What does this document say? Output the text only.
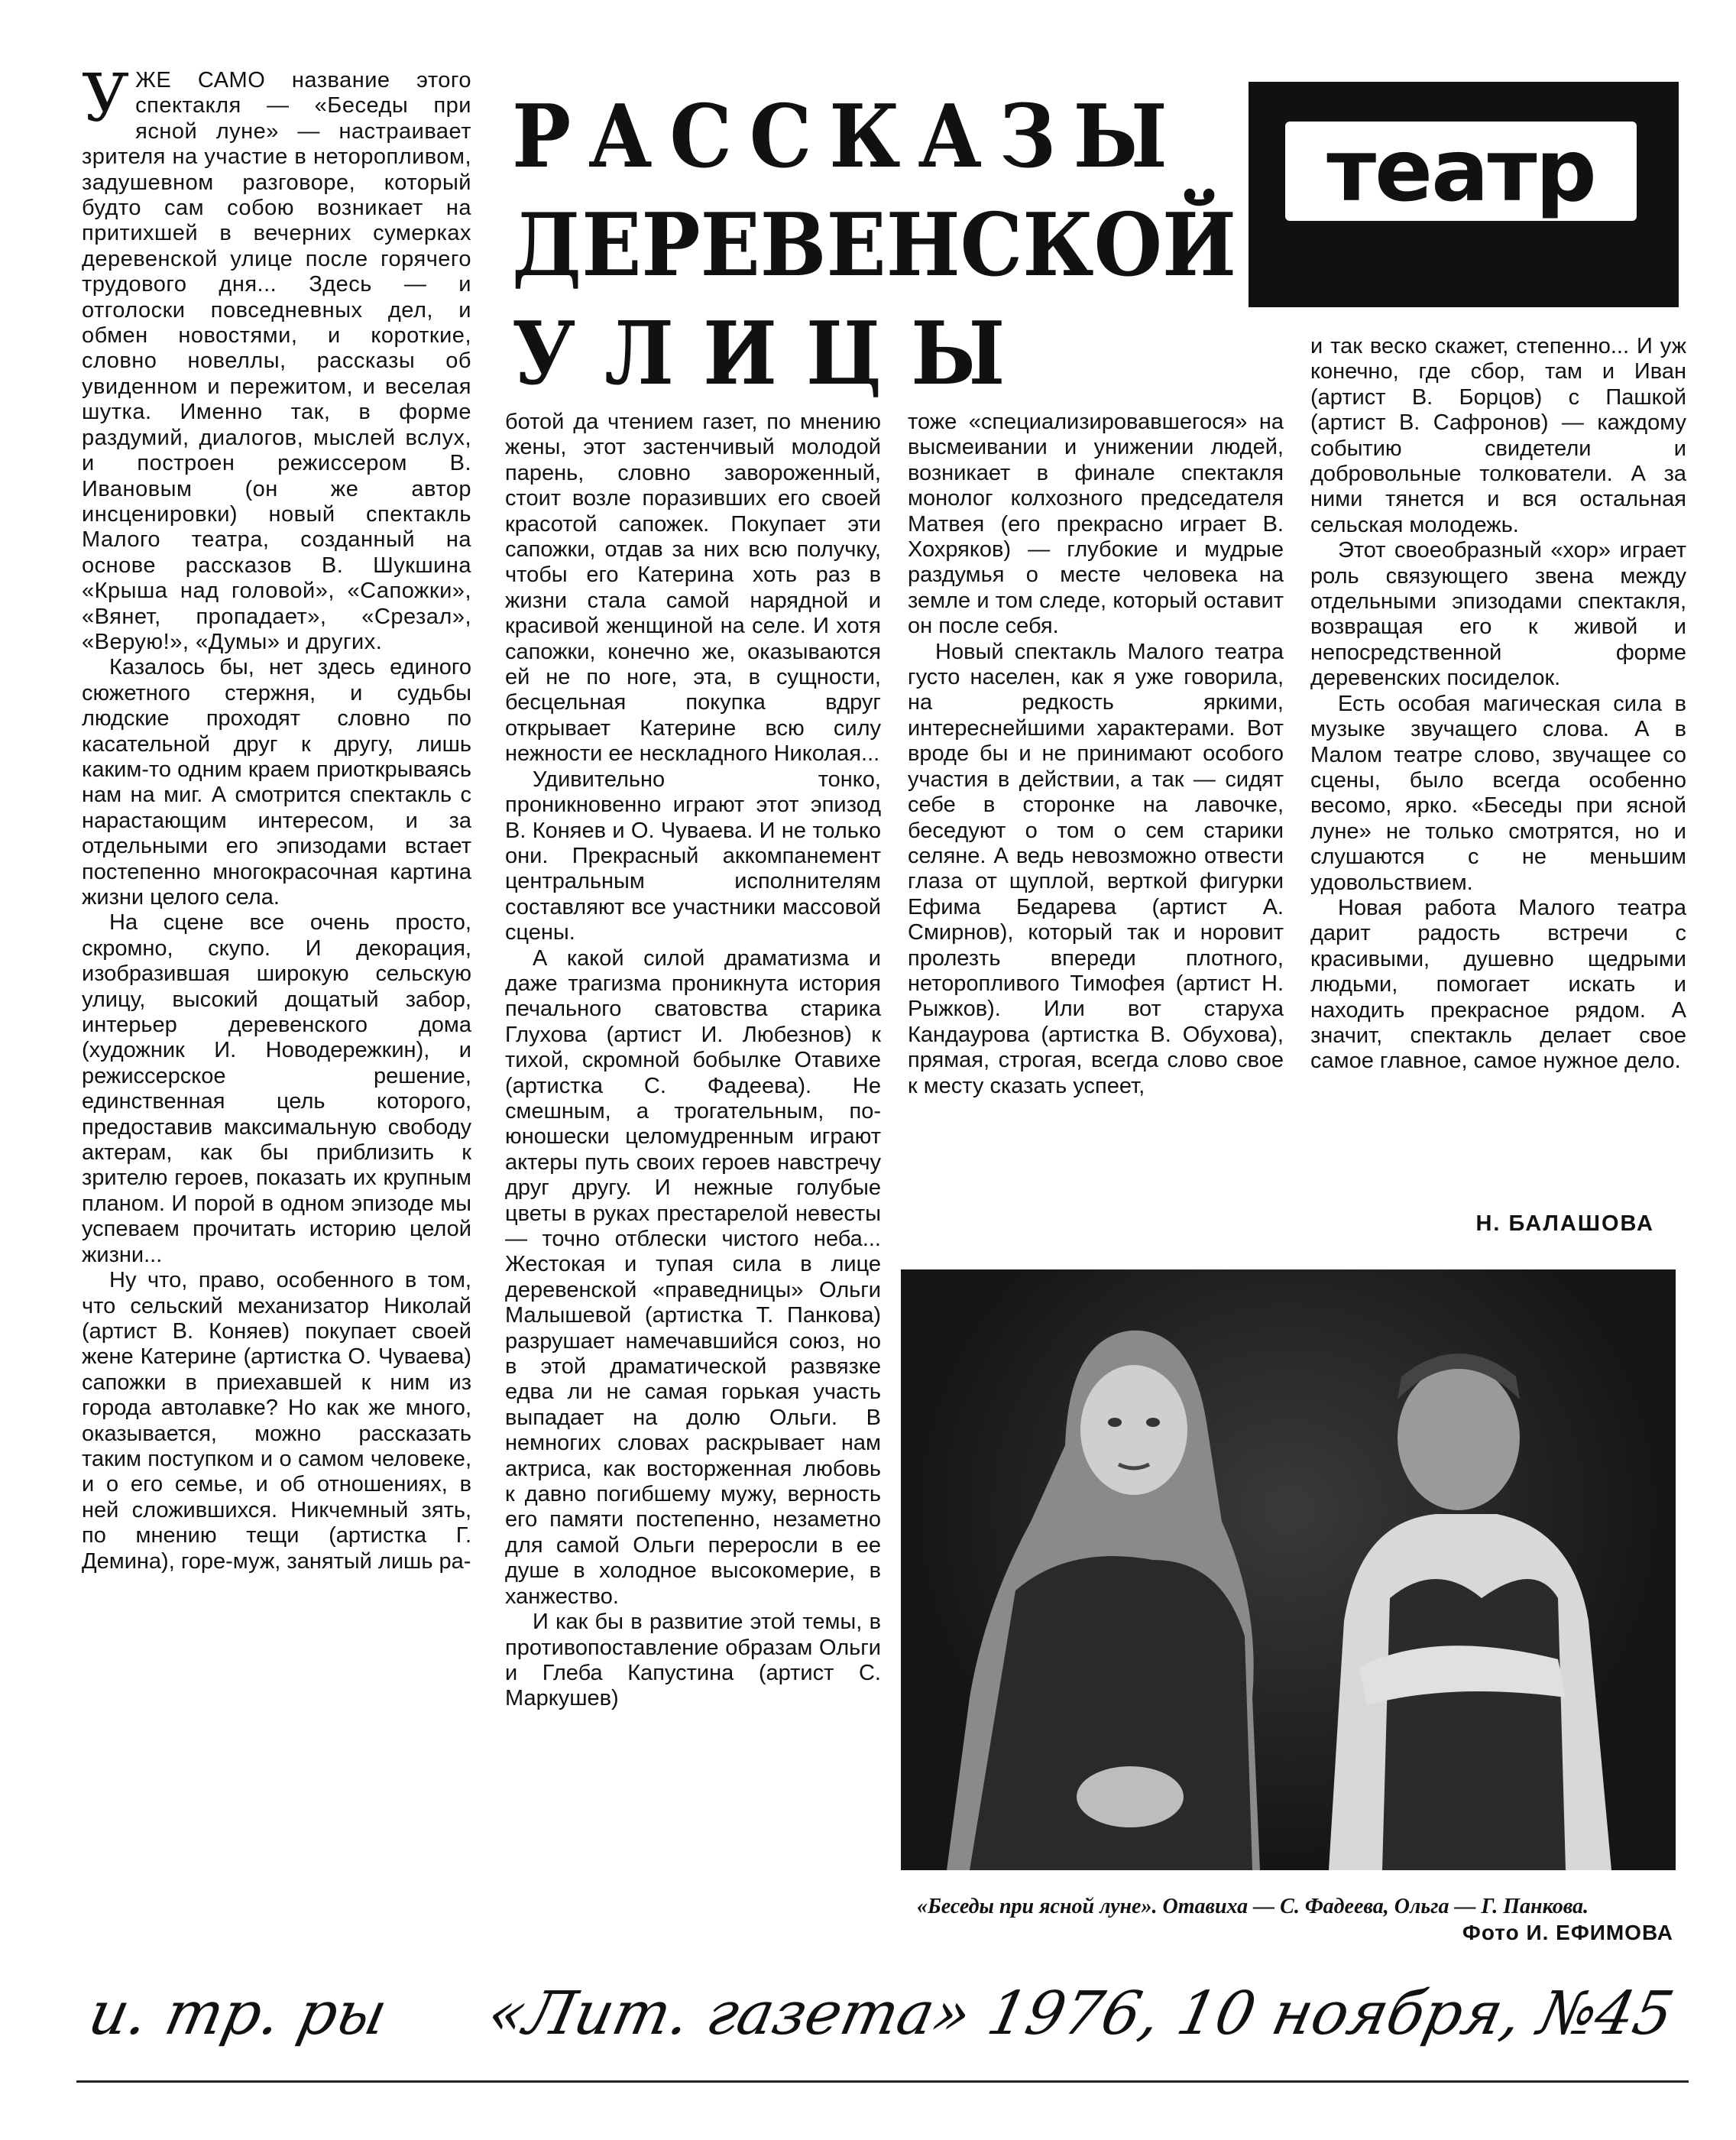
РАССКАЗЫ
ДЕРЕВЕНСКОЙ
УЛИЦЫ
театр

УЖЕ САМО название этого спектакля — «Беседы при ясной луне» — настраивает зрителя на участие в неторопливом, задушевном разговоре, который будто сам собою возникает на притихшей в вечерних сумерках деревенской улице после горячего трудового дня... Здесь — и отголоски повседневных дел, и обмен новостями, и короткие, словно новеллы, рассказы об увиденном и пережитом, и веселая шутка. Именно так, в форме раздумий, диалогов, мыслей вслух, и построен режиссером В. Ивановым (он же автор инсценировки) новый спектакль Малого театра, созданный на основе рассказов В. Шукшина «Крыша над головой», «Сапожки», «Вянет, пропадает», «Срезал», «Верую!», «Думы» и других.

Казалось бы, нет здесь единого сюжетного стержня, и судьбы людские проходят словно по касательной друг к другу, лишь каким-то одним краем приоткрываясь нам на миг. А смотрится спектакль с нарастающим интересом, и за отдельными его эпизодами встает постепенно многокрасочная картина жизни целого села.

На сцене все очень просто, скромно, скупо. И декорация, изобразившая широкую сельскую улицу, высокий дощатый забор, интерьер деревенского дома (художник И. Новодережкин), и режиссерское решение, единственная цель которого, предоставив максимальную свободу актерам, как бы приблизить к зрителю героев, показать их крупным планом. И порой в одном эпизоде мы успеваем прочитать историю целой жизни...

Ну что, право, особенного в том, что сельский механизатор Николай (артист В. Коняев) покупает своей жене Катерине (артистка О. Чуваева) сапожки в приехавшей к ним из города автолавке? Но как же много, оказывается, можно рассказать таким поступком и о самом человеке, и о его семье, и об отношениях, в ней сложившихся. Никчемный зять, по мнению тещи (артистка Г. Демина), горе-муж, занятый лишь ра-

ботой да чтением газет, по мнению жены, этот застенчивый молодой парень, словно завороженный, стоит возле поразивших его своей красотой сапожек. Покупает эти сапожки, отдав за них всю получку, чтобы его Катерина хоть раз в жизни стала самой нарядной и красивой женщиной на селе. И хотя сапожки, конечно же, оказываются ей не по ноге, эта, в сущности, бесцельная покупка вдруг открывает Катерине всю силу нежности ее нескладного Николая...

Удивительно тонко, проникновенно играют этот эпизод В. Коняев и О. Чуваева. И не только они. Прекрасный аккомпанемент центральным исполнителям составляют все участники массовой сцены.

А какой силой драматизма и даже трагизма проникнута история печального сватовства старика Глухова (артист И. Любезнов) к тихой, скромной бобылке Отавихе (артистка С. Фадеева). Не смешным, а трогательным, по-юношески целомудренным играют актеры путь своих героев навстречу друг другу. И нежные голубые цветы в руках престарелой невесты — точно отблески чистого неба... Жестокая и тупая сила в лице деревенской «праведницы» Ольги Малышевой (артистка Т. Панкова) разрушает намечавшийся союз, но в этой драматической развязке едва ли не самая горькая участь выпадает на долю Ольги. В немногих словах раскрывает нам актриса, как восторженная любовь к давно погибшему мужу, верность его памяти постепенно, незаметно для самой Ольги переросли в ее душе в холодное высокомерие, в ханжество.

И как бы в развитие этой темы, в противопоставление образам Ольги и Глеба Капустина (артист С. Маркушев)

тоже «специализировавшегося» на высмеивании и унижении людей, возникает в финале спектакля монолог колхозного председателя Матвея (его прекрасно играет В. Хохряков) — глубокие и мудрые раздумья о месте человека на земле и том следе, который оставит он после себя.

Новый спектакль Малого театра густо населен, как я уже говорила, на редкость яркими, интереснейшими характерами. Вот вроде бы и не принимают особого участия в действии, а так — сидят себе в сторонке на лавочке, беседуют о том о сем старики селяне. А ведь невозможно отвести глаза от щуплой, верткой фигурки Ефима Бедарева (артист А. Смирнов), который так и норовит пролезть впереди плотного, неторопливого Тимофея (артист Н. Рыжков). Или вот старуха Кандаурова (артистка В. Обухова), прямая, строгая, всегда слово свое к месту сказать успеет,

и так веско скажет, степенно... И уж конечно, где сбор, там и Иван (артист В. Борцов) с Пашкой (артист В. Сафронов) — каждому событию свидетели и добровольные толкователи. А за ними тянется и вся остальная сельская молодежь.

Этот своеобразный «хор» играет роль связующего звена между отдельными эпизодами спектакля, возвращая его к живой и непосредственной форме деревенских посиделок.

Есть особая магическая сила в музыке звучащего слова. А в Малом театре слово, звучащее со сцены, было всегда особенно весомо, ярко. «Беседы при ясной луне» не только смотрятся, но и слушаются с не меньшим удовольствием.

Новая работа Малого театра дарит радость встречи с красивыми, душевно щедрыми людьми, помогает искать и находить прекрасное рядом. А значит, спектакль делает свое самое главное, самое нужное дело.

Н. БАЛАШОВА
«Беседы при ясной луне». Отавиха — С. Фадеева, Ольга — Г. Панкова.
Фото И. ЕФИМОВА
и. тр. ры «Лит. газета» 1976, 10 ноября, №45
